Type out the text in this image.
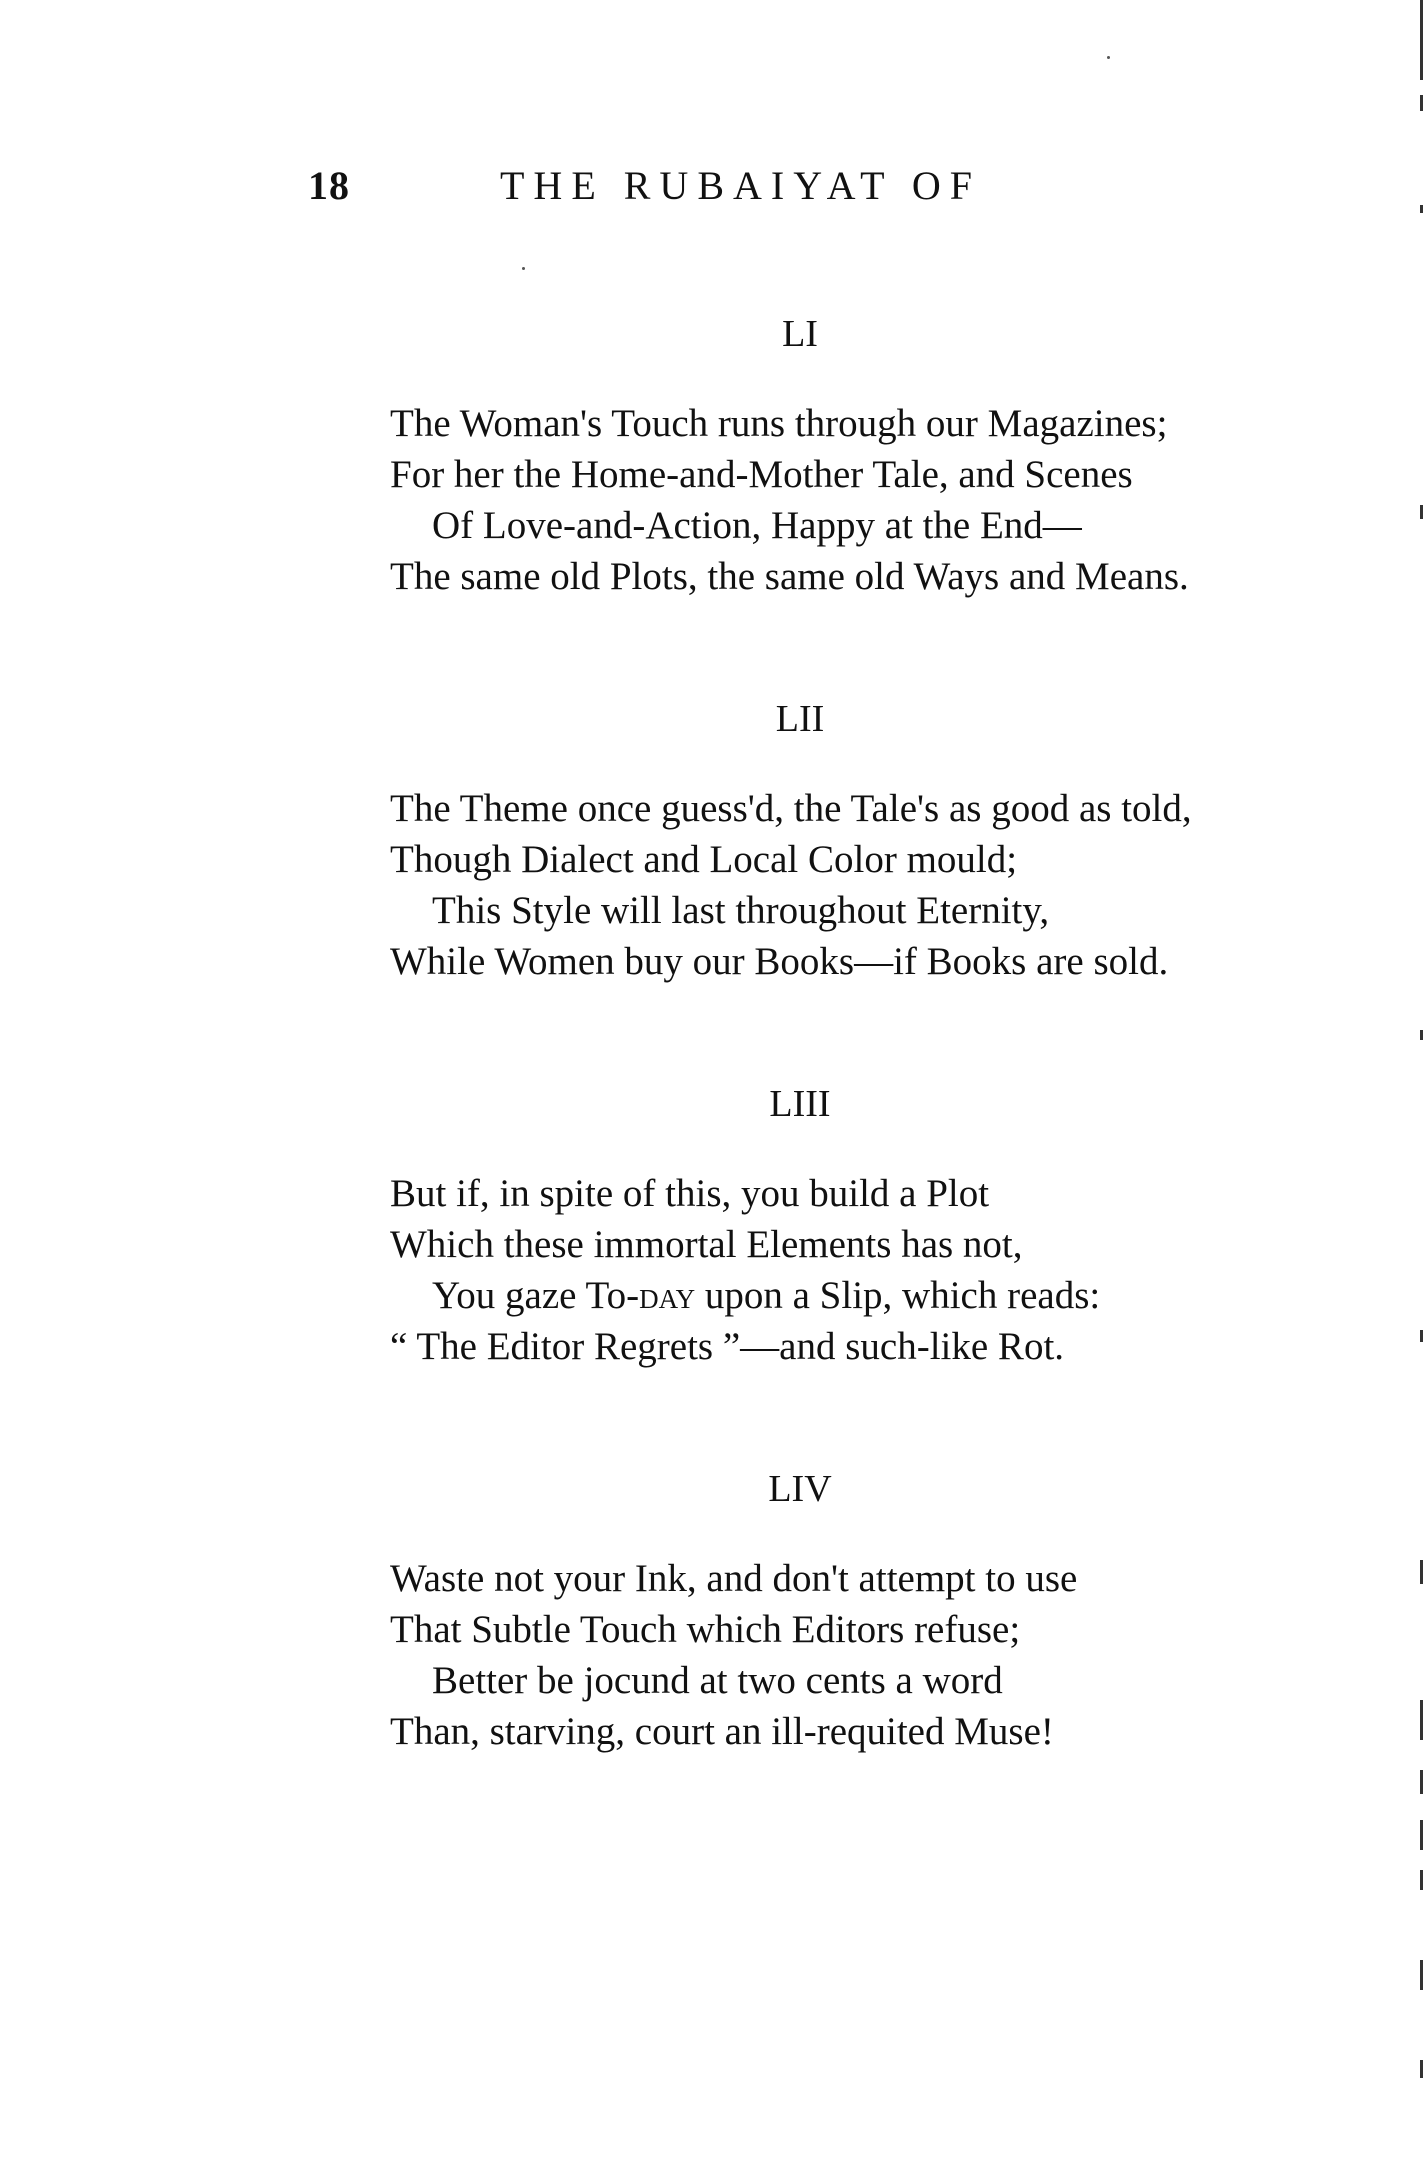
18	THE RUBAIYAT OF
LI
The Woman's Touch runs through our Magazines;
For her the Home-and-Mother Tale, and Scenes
Of Love-and-Action, Happy at the End—
The same old Plots, the same old Ways and Means.
LII
The Theme once guess'd, the Tale's as good as told,
Though Dialect and Local Color mould;
This Style will last throughout Eternity,
While Women buy our Books—if Books are sold.
LIII
But if, in spite of this, you build a Plot
Which these immortal Elements has not,
You gaze To-day upon a Slip, which reads:
“ The Editor Regrets ”—and such-like Rot.
LIV
Waste not your Ink, and don't attempt to use
That Subtle Touch which Editors refuse;
Better be jocund at two cents a word
Than, starving, court an ill-requited Muse!
